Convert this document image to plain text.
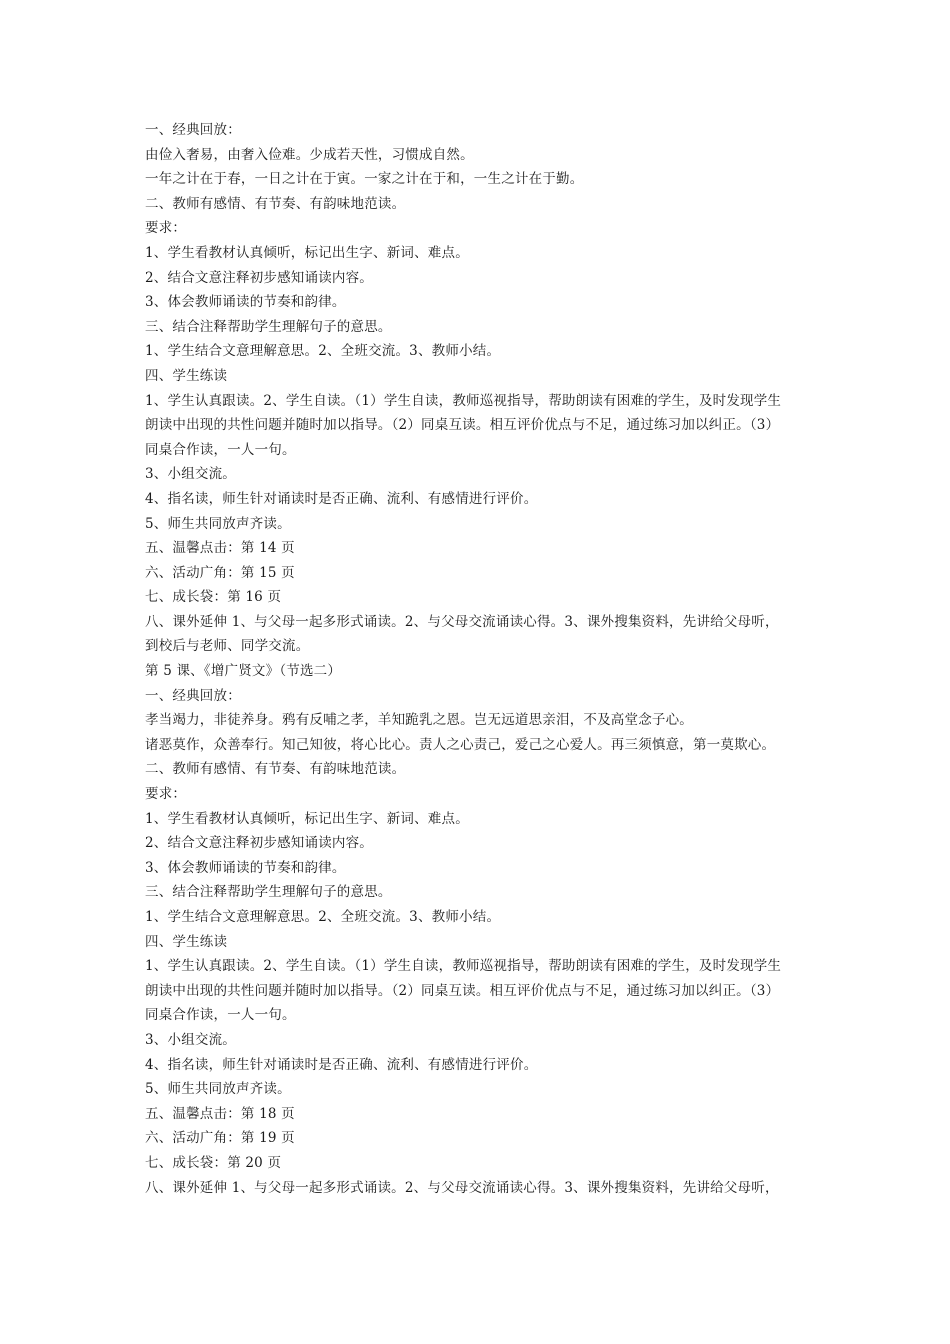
一、经典回放：
由俭入奢易，由奢入俭难。少成若天性，习惯成自然。
一年之计在于春，一日之计在于寅。一家之计在于和，一生之计在于勤。
二、教师有感情、有节奏、有韵味地范读。
要求：
1、学生看教材认真倾听，标记出生字、新词、难点。
2、结合文意注释初步感知诵读内容。
3、体会教师诵读的节奏和韵律。
三、结合注释帮助学生理解句子的意思。
1、学生结合文意理解意思。2、全班交流。3、教师小结。
四、学生练读
1、学生认真跟读。2、学生自读。（1）学生自读，教师巡视指导，帮助朗读有困难的学生，及时发现学生
朗读中出现的共性问题并随时加以指导。（2）同桌互读。相互评价优点与不足，通过练习加以纠正。（3）
同桌合作读，一人一句。
3、小组交流。
4、指名读，师生针对诵读时是否正确、流利、有感情进行评价。
5、师生共同放声齐读。
五、温馨点击：第 14 页
六、活动广角：第 15 页
七、成长袋：第 16 页
八、课外延伸 1、与父母一起多形式诵读。2、与父母交流诵读心得。3、课外搜集资料，先讲给父母听，
到校后与老师、同学交流。
第 5 课、《增广贤文》（节选二）
一、经典回放：
孝当竭力，非徒养身。鸦有反哺之孝，羊知跪乳之恩。岂无远道思亲泪，不及高堂念子心。
诸恶莫作，众善奉行。知己知彼，将心比心。责人之心责己，爱己之心爱人。再三须慎意，第一莫欺心。
二、教师有感情、有节奏、有韵味地范读。
要求：
1、学生看教材认真倾听，标记出生字、新词、难点。
2、结合文意注释初步感知诵读内容。
3、体会教师诵读的节奏和韵律。
三、结合注释帮助学生理解句子的意思。
1、学生结合文意理解意思。2、全班交流。3、教师小结。
四、学生练读
1、学生认真跟读。2、学生自读。（1）学生自读，教师巡视指导，帮助朗读有困难的学生，及时发现学生
朗读中出现的共性问题并随时加以指导。（2）同桌互读。相互评价优点与不足，通过练习加以纠正。（3）
同桌合作读，一人一句。
3、小组交流。
4、指名读，师生针对诵读时是否正确、流利、有感情进行评价。
5、师生共同放声齐读。
五、温馨点击：第 18 页
六、活动广角：第 19 页
七、成长袋：第 20 页
八、课外延伸 1、与父母一起多形式诵读。2、与父母交流诵读心得。3、课外搜集资料，先讲给父母听，
